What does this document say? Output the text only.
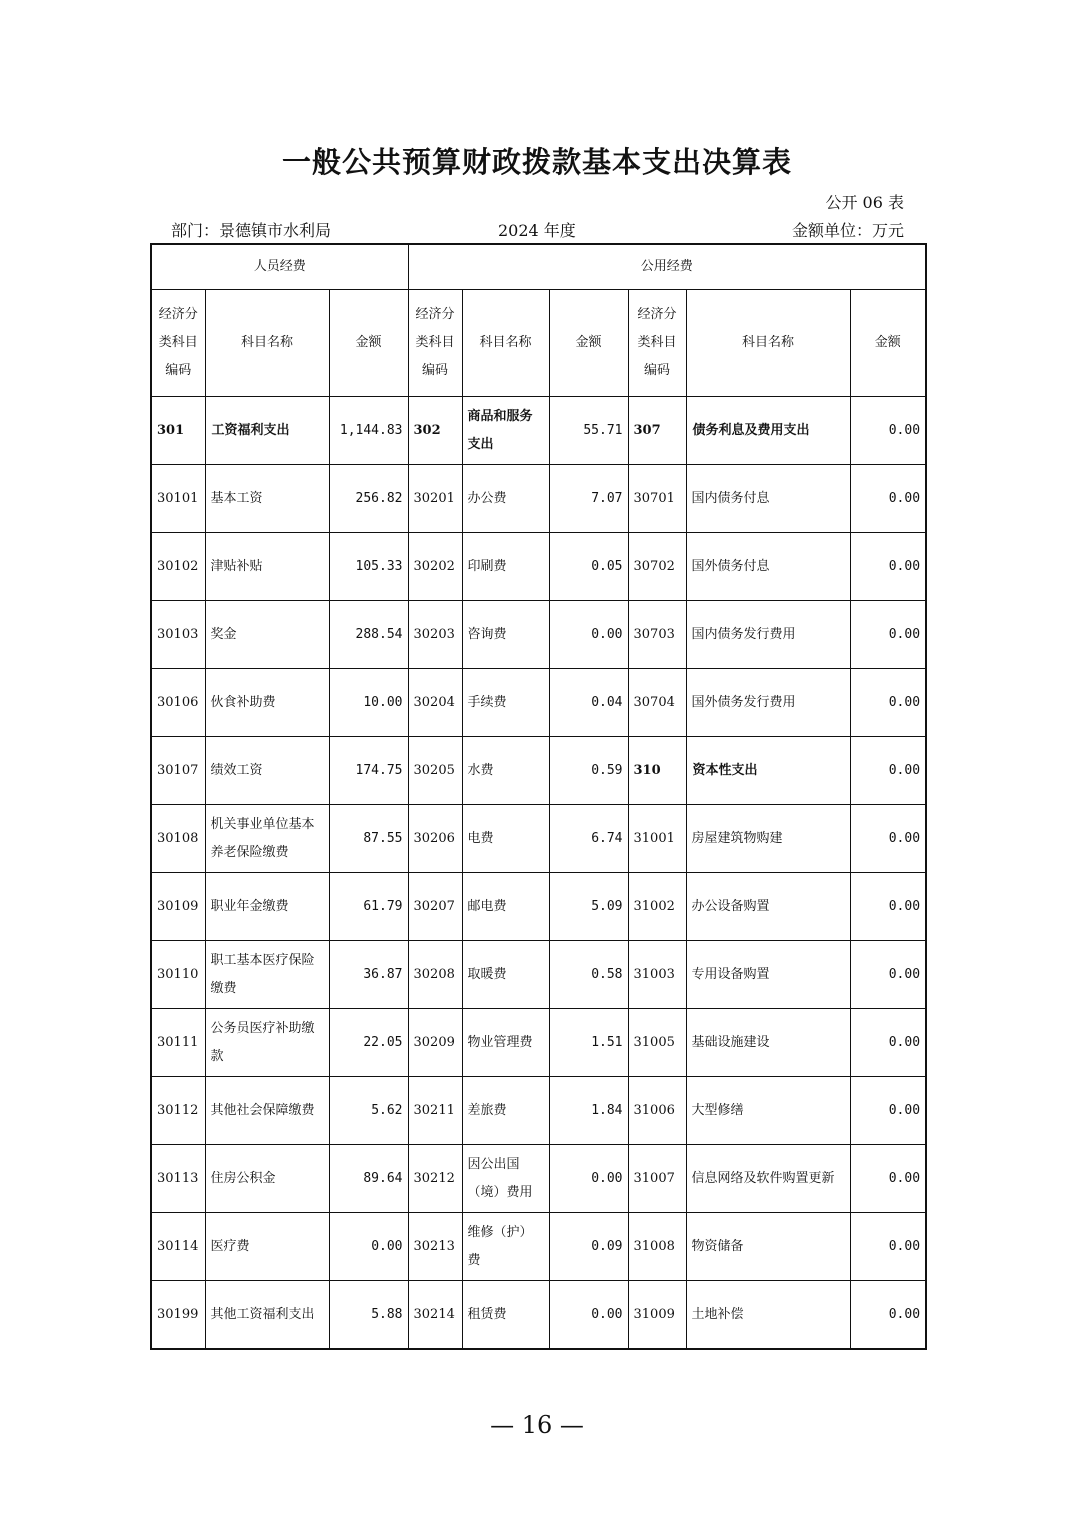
一般公共预算财政拨款基本支出决算表
公开 06 表
部门：景德镇市水利局	2024 年度	金额单位：万元
人员经费			公用经费					
经济分类科目编码	科目名称	金额	经济分类科目编码	科目名称	金额	经济分类科目编码	科目名称	金额
301	工资福利支出	1,144.83	302	商品和服务支出	55.71	307	债务利息及费用支出	0.00
30101	基本工资	256.82	30201	办公费	7.07	30701	国内债务付息	0.00
30102	津贴补贴	105.33	30202	印刷费	0.05	30702	国外债务付息	0.00
30103	奖金	288.54	30203	咨询费	0.00	30703	国内债务发行费用	0.00
30106	伙食补助费	10.00	30204	手续费	0.04	30704	国外债务发行费用	0.00
30107	绩效工资	174.75	30205	水费	0.59	310	资本性支出	0.00
30108	机关事业单位基本养老保险缴费	87.55	30206	电费	6.74	31001	房屋建筑物购建	0.00
30109	职业年金缴费	61.79	30207	邮电费	5.09	31002	办公设备购置	0.00
30110	职工基本医疗保险缴费	36.87	30208	取暖费	0.58	31003	专用设备购置	0.00
30111	公务员医疗补助缴款	22.05	30209	物业管理费	1.51	31005	基础设施建设	0.00
30112	其他社会保障缴费	5.62	30211	差旅费	1.84	31006	大型修缮	0.00
30113	住房公积金	89.64	30212	因公出国（境）费用	0.00	31007	信息网络及软件购置更新	0.00
30114	医疗费	0.00	30213	维修（护）费	0.09	31008	物资储备	0.00
30199	其他工资福利支出	5.88	30214	租赁费	0.00	31009	土地补偿	0.00
— 16 —
